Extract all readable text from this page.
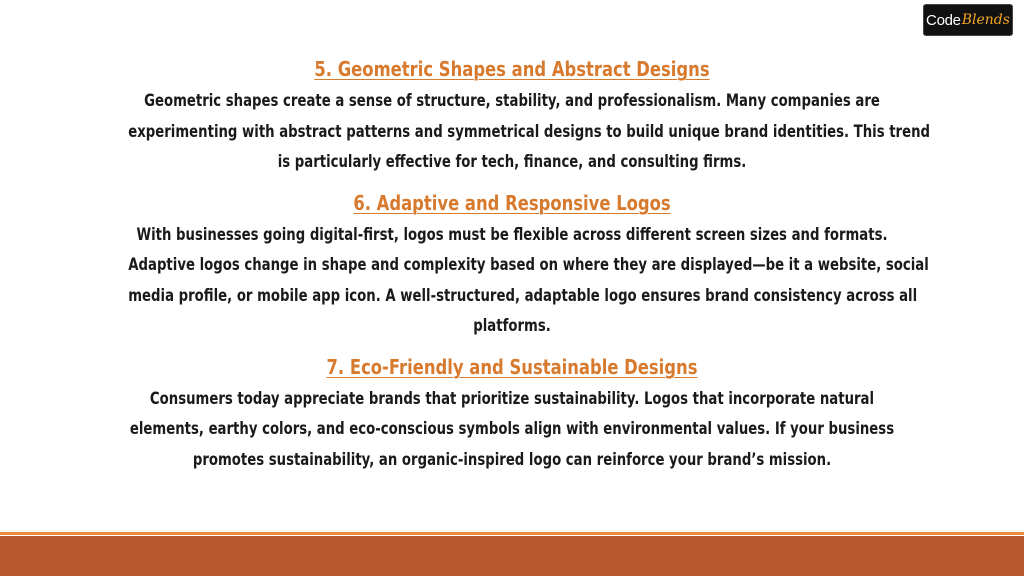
Code Blends
5. Geometric Shapes and Abstract Designs
Geometric shapes create a sense of structure, stability, and professionalism. Many companies are
experimenting with abstract patterns and symmetrical designs to build unique brand identities. This trend
is particularly effective for tech, finance, and consulting firms.
6. Adaptive and Responsive Logos
With businesses going digital-first, logos must be flexible across different screen sizes and formats.
Adaptive logos change in shape and complexity based on where they are displayed—be it a website, social
media profile, or mobile app icon. A well-structured, adaptable logo ensures brand consistency across all
platforms.
7. Eco-Friendly and Sustainable Designs
Consumers today appreciate brands that prioritize sustainability. Logos that incorporate natural
elements, earthy colors, and eco-conscious symbols align with environmental values. If your business
promotes sustainability, an organic-inspired logo can reinforce your brand’s mission.
